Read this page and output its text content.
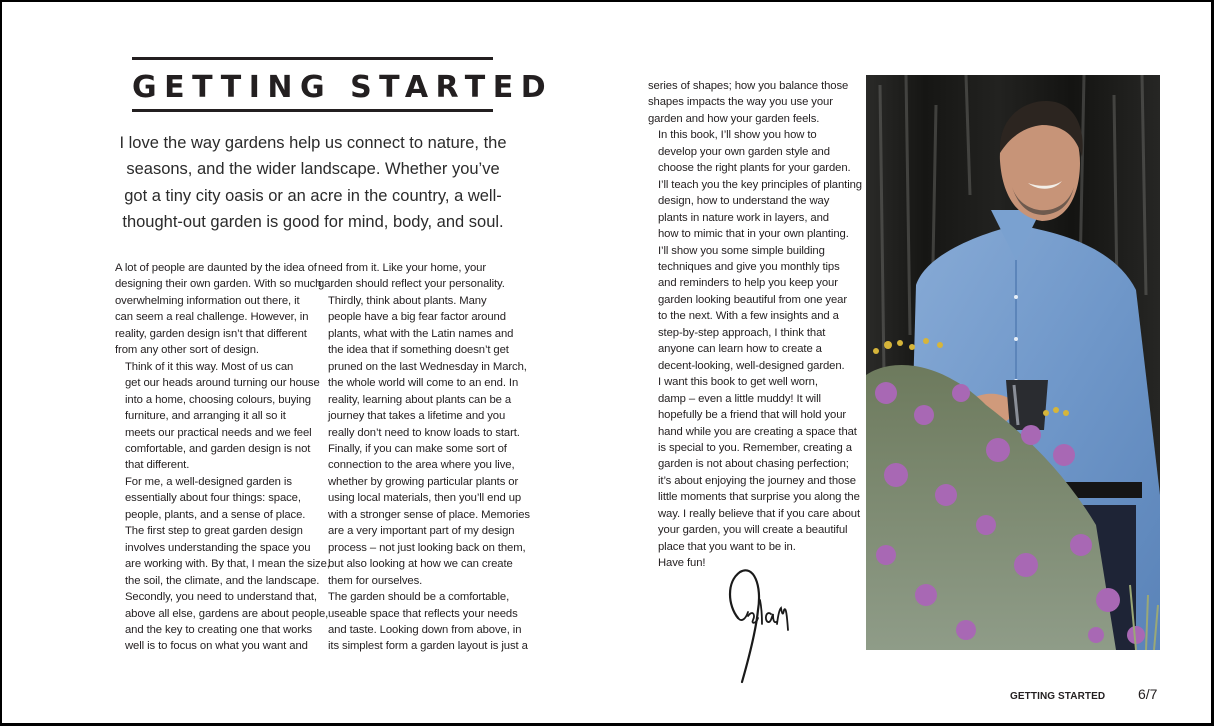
GETTING STARTED
I love the way gardens help us connect to nature, the seasons, and the wider landscape. Whether you’ve got a tiny city oasis or an acre in the country, a well-thought-out garden is good for mind, body, and soul.

A lot of people are daunted by the idea of
designing their own garden. With so much
overwhelming information out there, it
can seem a real challenge. However, in
reality, garden design isn’t that different
from any other sort of design.

Think of it this way. Most of us can
get our heads around turning our house
into a home, choosing colours, buying
furniture, and arranging it all so it
meets our practical needs and we feel
comfortable, and garden design is not
that different.

For me, a well-designed garden is
essentially about four things: space,
people, plants, and a sense of place.

The first step to great garden design
involves understanding the space you
are working with. By that, I mean the size,
the soil, the climate, and the landscape.

Secondly, you need to understand that,
above all else, gardens are about people,
and the key to creating one that works
well is to focus on what you want and

need from it. Like your home, your
garden should reflect your personality.

Thirdly, think about plants. Many
people have a big fear factor around
plants, what with the Latin names and
the idea that if something doesn’t get
pruned on the last Wednesday in March,
the whole world will come to an end. In
reality, learning about plants can be a
journey that takes a lifetime and you
really don’t need to know loads to start.

Finally, if you can make some sort of
connection to the area where you live,
whether by growing particular plants or
using local materials, then you’ll end up
with a stronger sense of place. Memories
are a very important part of my design
process – not just looking back on them,
but also looking at how we can create
them for ourselves.

The garden should be a comfortable,
useable space that reflects your needs
and taste. Looking down from above, in
its simplest form a garden layout is just a

series of shapes; how you balance those
shapes impacts the way you use your
garden and how your garden feels.

In this book, I’ll show you how to
develop your own garden style and
choose the right plants for your garden.
I’ll teach you the key principles of planting
design, how to understand the way
plants in nature work in layers, and
how to mimic that in your own planting.
I’ll show you some simple building
techniques and give you monthly tips
and reminders to help you keep your
garden looking beautiful from one year
to the next. With a few insights and a
step-by-step approach, I think that
anyone can learn how to create a
decent-looking, well-designed garden.

I want this book to get well worn,
damp – even a little muddy! It will
hopefully be a friend that will hold your
hand while you are creating a space that
is special to you. Remember, creating a
garden is not about chasing perfection;
it’s about enjoying the journey and those
little moments that surprise you along the
way. I really believe that if you care about
your garden, you will create a beautiful
place that you want to be in.

Have fun!

GETTING STARTED 6/7
